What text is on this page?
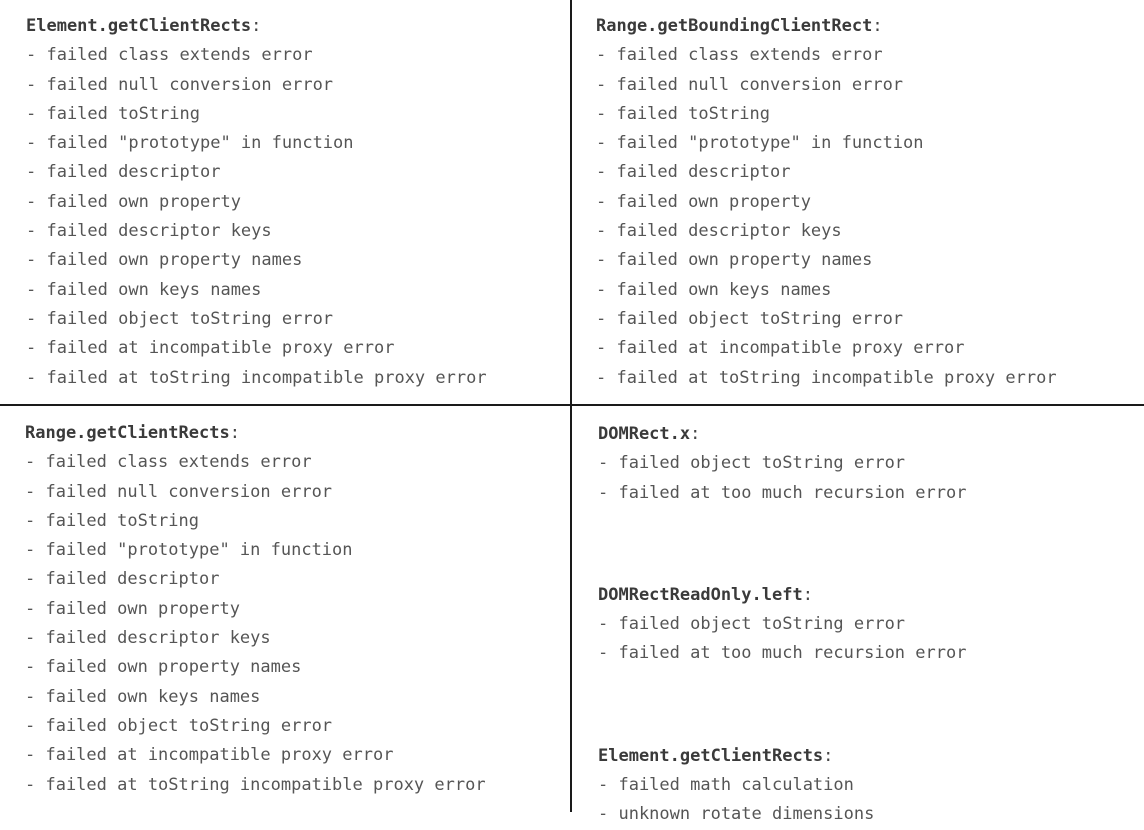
Element.getClientRects:
- failed class extends error
- failed null conversion error
- failed toString
- failed "prototype" in function
- failed descriptor
- failed own property
- failed descriptor keys
- failed own property names
- failed own keys names
- failed object toString error
- failed at incompatible proxy error
- failed at toString incompatible proxy error
Range.getBoundingClientRect:
- failed class extends error
- failed null conversion error
- failed toString
- failed "prototype" in function
- failed descriptor
- failed own property
- failed descriptor keys
- failed own property names
- failed own keys names
- failed object toString error
- failed at incompatible proxy error
- failed at toString incompatible proxy error
Range.getClientRects:
- failed class extends error
- failed null conversion error
- failed toString
- failed "prototype" in function
- failed descriptor
- failed own property
- failed descriptor keys
- failed own property names
- failed own keys names
- failed object toString error
- failed at incompatible proxy error
- failed at toString incompatible proxy error
DOMRect.x:
- failed object toString error
- failed at too much recursion error
DOMRectReadOnly.left:
- failed object toString error
- failed at too much recursion error
Element.getClientRects:
- failed math calculation
- unknown rotate dimensions
